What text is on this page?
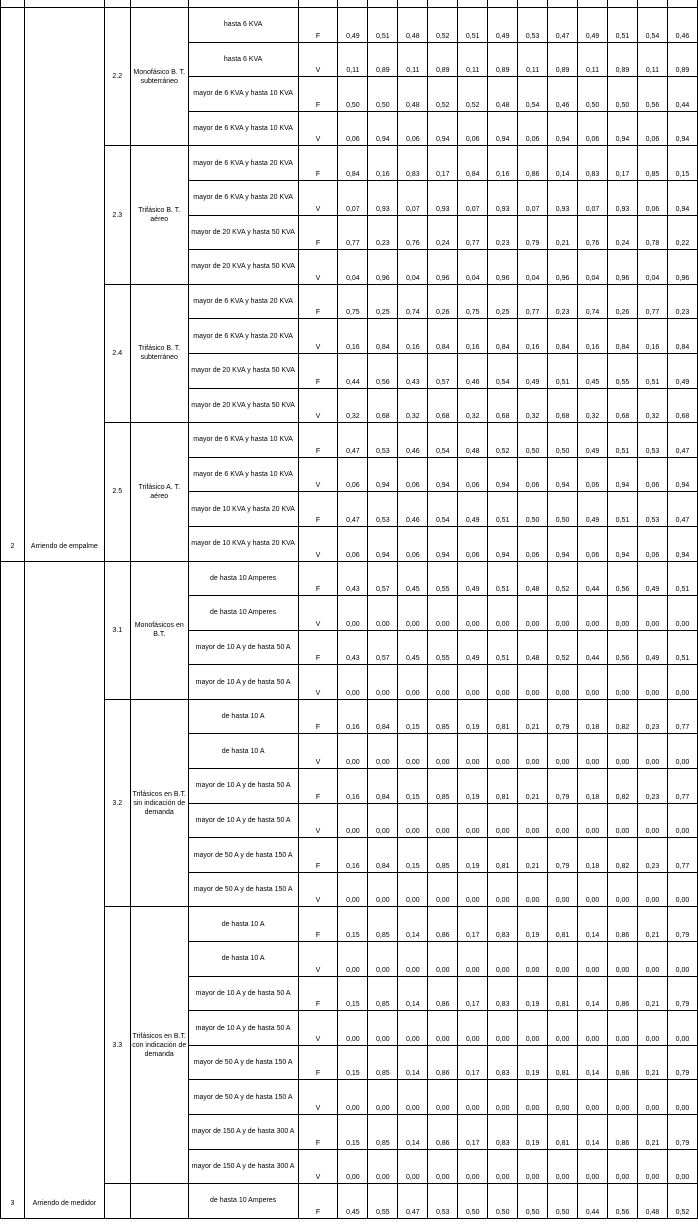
2	Arriendo de empalme	2.2	Monofásico B. T. subterráneo	hasta 6 KVA	F	0,49	0,51	0,48	0,52	0,51	0,49	0,53	0,47	0,49	0,51	0,54	0,46
				hasta 6 KVA	V	0,11	0,89	0,11	0,89	0,11	0,89	0,11	0,89	0,11	0,89	0,11	0,89
				mayor de 6 KVA y hasta 10 KVA	F	0,50	0,50	0,48	0,52	0,52	0,48	0,54	0,46	0,50	0,50	0,56	0,44
				mayor de 6 KVA y hasta 10 KVA	V	0,06	0,94	0,06	0,94	0,06	0,94	0,06	0,94	0,06	0,94	0,06	0,94
		2.3	Trifásico B. T. aéreo	mayor de 6 KVA y hasta 20 KVA	F	0,84	0,16	0,83	0,17	0,84	0,16	0,86	0,14	0,83	0,17	0,85	0,15
				mayor de 6 KVA y hasta 20 KVA	V	0,07	0,93	0,07	0,93	0,07	0,93	0,07	0,93	0,07	0,93	0,06	0,94
				mayor de 20 KVA y hasta 50 KVA	F	0,77	0,23	0,76	0,24	0,77	0,23	0,79	0,21	0,76	0,24	0,78	0,22
				mayor de 20 KVA y hasta 50 KVA	V	0,04	0,96	0,04	0,96	0,04	0,96	0,04	0,96	0,04	0,96	0,04	0,96
		2.4	Trifásico B. T. subterráneo	mayor de 6 KVA y hasta 20 KVA	F	0,75	0,25	0,74	0,26	0,75	0,25	0,77	0,23	0,74	0,26	0,77	0,23
				mayor de 6 KVA y hasta 20 KVA	V	0,16	0,84	0,16	0,84	0,16	0,84	0,16	0,84	0,16	0,84	0,16	0,84
				mayor de 20 KVA y hasta 50 KVA	F	0,44	0,56	0,43	0,57	0,46	0,54	0,49	0,51	0,45	0,55	0,51	0,49
				mayor de 20 KVA y hasta 50 KVA	V	0,32	0,68	0,32	0,68	0,32	0,68	0,32	0,68	0,32	0,68	0,32	0,68
		2.5	Trifásico A. T. aéreo	mayor de 6 KVA y hasta 10 KVA	F	0,47	0,53	0,46	0,54	0,48	0,52	0,50	0,50	0,49	0,51	0,53	0,47
				mayor de 6 KVA y hasta 10 KVA	V	0,06	0,94	0,06	0,94	0,06	0,94	0,06	0,94	0,06	0,94	0,06	0,94
				mayor de 10 KVA y hasta 20 KVA	F	0,47	0,53	0,46	0,54	0,49	0,51	0,50	0,50	0,49	0,51	0,53	0,47
				mayor de 10 KVA y hasta 20 KVA	V	0,06	0,94	0,06	0,94	0,06	0,94	0,06	0,94	0,06	0,94	0,06	0,94
3	Arriendo de medidor	3.1	Monofásicos en B.T.	de hasta 10 Amperes	F	0,43	0,57	0,45	0,55	0,49	0,51	0,48	0,52	0,44	0,56	0,49	0,51
				de hasta 10 Amperes	V	0,00	0,00	0,00	0,00	0,00	0,00	0,00	0,00	0,00	0,00	0,00	0,00
				mayor de 10 A y de hasta 50 A	F	0,43	0,57	0,45	0,55	0,49	0,51	0,48	0,52	0,44	0,56	0,49	0,51
				mayor de 10 A y de hasta 50 A	V	0,00	0,00	0,00	0,00	0,00	0,00	0,00	0,00	0,00	0,00	0,00	0,00
		3.2	Trifásicos en B.T. sin indicación de demanda	de hasta 10 A	F	0,16	0,84	0,15	0,85	0,19	0,81	0,21	0,79	0,18	0,82	0,23	0,77
				de hasta 10 A	V	0,00	0,00	0,00	0,00	0,00	0,00	0,00	0,00	0,00	0,00	0,00	0,00
				mayor de 10 A y de hasta 50 A	F	0,16	0,84	0,15	0,85	0,19	0,81	0,21	0,79	0,18	0,82	0,23	0,77
				mayor de 10 A y de hasta 50 A	V	0,00	0,00	0,00	0,00	0,00	0,00	0,00	0,00	0,00	0,00	0,00	0,00
				mayor de 50 A y de hasta 150 A	F	0,16	0,84	0,15	0,85	0,19	0,81	0,21	0,79	0,18	0,82	0,23	0,77
				mayor de 50 A y de hasta 150 A	V	0,00	0,00	0,00	0,00	0,00	0,00	0,00	0,00	0,00	0,00	0,00	0,00
		3.3	Trifásicos en B.T. con indicación de demanda	de hasta 10 A	F	0,15	0,85	0,14	0,86	0,17	0,83	0,19	0,81	0,14	0,86	0,21	0,79
				de hasta 10 A	V	0,00	0,00	0,00	0,00	0,00	0,00	0,00	0,00	0,00	0,00	0,00	0,00
				mayor de 10 A y de hasta 50 A	F	0,15	0,85	0,14	0,86	0,17	0,83	0,19	0,81	0,14	0,86	0,21	0,79
				mayor de 10 A y de hasta 50 A	V	0,00	0,00	0,00	0,00	0,00	0,00	0,00	0,00	0,00	0,00	0,00	0,00
				mayor de 50 A y de hasta 150 A	F	0,15	0,85	0,14	0,86	0,17	0,83	0,19	0,81	0,14	0,86	0,21	0,79
				mayor de 50 A y de hasta 150 A	V	0,00	0,00	0,00	0,00	0,00	0,00	0,00	0,00	0,00	0,00	0,00	0,00
				mayor de 150 A y de hasta 300 A	F	0,15	0,85	0,14	0,86	0,17	0,83	0,19	0,81	0,14	0,86	0,21	0,79
				mayor de 150 A y de hasta 300 A	V	0,00	0,00	0,00	0,00	0,00	0,00	0,00	0,00	0,00	0,00	0,00	0,00
				de hasta 10 Amperes	F	0,45	0,55	0,47	0,53	0,50	0,50	0,50	0,50	0,44	0,56	0,48	0,52
